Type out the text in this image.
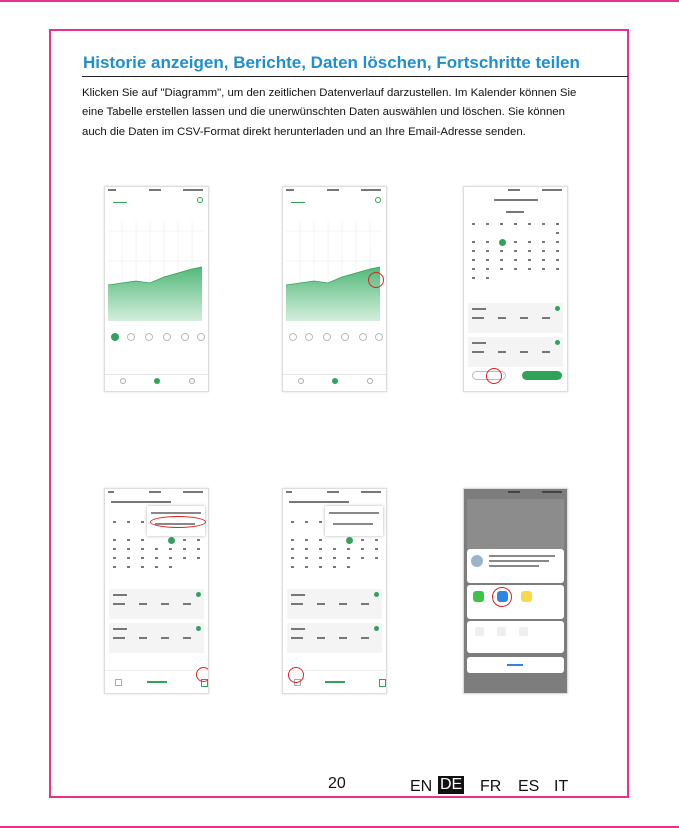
Historie anzeigen, Berichte, Daten löschen, Fortschritte teilen
Klicken Sie auf "Diagramm", um den zeitlichen Datenverlauf darzustellen. Im Kalender können Sie
eine Tabelle erstellen lassen und die unerwünschten Daten auswählen und löschen. Sie können
auch die Daten im CSV-Format direkt herunterladen und an Ihre Email-Adresse senden.
20	EN DE FR ES IT
